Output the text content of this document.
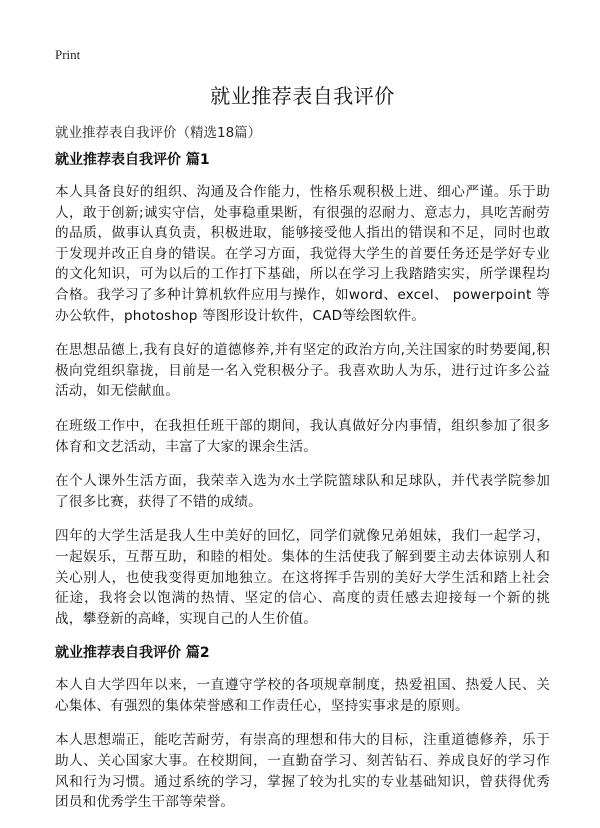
Print
就业推荐表自我评价

就业推荐表自我评价（精选18篇）

就业推荐表自我评价 篇1

本人具备良好的组织、沟通及合作能力，性格乐观积极上进、细心严谨。乐于助人，敢于创新;诚实守信，处事稳重果断，有很强的忍耐力、意志力，具吃苦耐劳的品质，做事认真负责，积极进取，能够接受他人指出的错误和不足，同时也敢于发现并改正自身的错误。在学习方面，我觉得大学生的首要任务还是学好专业的文化知识，可为以后的工作打下基础，所以在学习上我踏踏实实，所学课程均合格。我学习了多种计算机软件应用与操作，如word、excel、 powerpoint 等办公软件，photoshop 等图形设计软件，CAD等绘图软件。

在思想品德上,我有良好的道德修养,并有坚定的政治方向,关注国家的时势要闻,积极向党组织靠拢，目前是一名入党积极分子。我喜欢助人为乐，进行过许多公益活动，如无偿献血。

在班级工作中，在我担任班干部的期间，我认真做好分内事情，组织参加了很多体育和文艺活动，丰富了大家的课余生活。

在个人课外生活方面，我荣幸入选为水土学院篮球队和足球队，并代表学院参加了很多比赛，获得了不错的成绩。

四年的大学生活是我人生中美好的回忆，同学们就像兄弟姐妹，我们一起学习，一起娱乐，互帮互助，和睦的相处。集体的生活使我了解到要主动去体谅别人和关心别人，也使我变得更加地独立。在这将挥手告别的美好大学生活和踏上社会征途，我将会以饱满的热情、坚定的信心、高度的责任感去迎接每一个新的挑战，攀登新的高峰，实现自己的人生价值。

就业推荐表自我评价 篇2

本人自大学四年以来，一直遵守学校的各项规章制度，热爱祖国、热爱人民、关心集体、有强烈的集体荣誉感和工作责任心，坚持实事求是的原则。

本人思想端正，能吃苦耐劳，有崇高的理想和伟大的目标，注重道德修养，乐于助人、关心国家大事。在校期间，一直勤奋学习、刻苦钻石、养成良好的学习作风和行为习惯。通过系统的学习，掌握了较为扎实的专业基础知识，曾获得优秀团员和优秀学生干部等荣誉。
